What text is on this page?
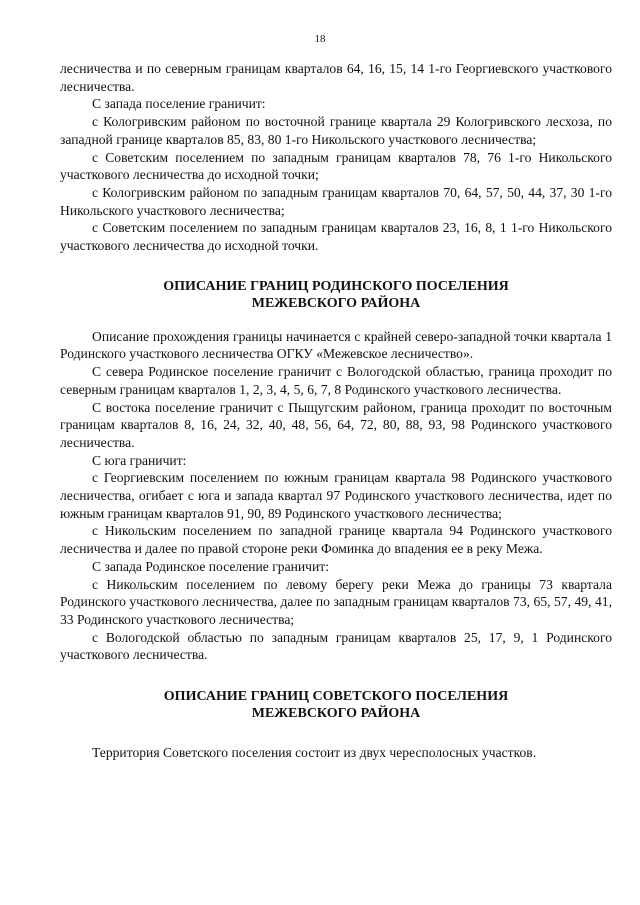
18

лесничества и по северным границам кварталов 64, 16, 15, 14 1-го Георгиевского участкового лесничества.

С запада поселение граничит:

с Кологривским районом по восточной границе квартала 29 Кологривского лесхоза, по западной границе кварталов 85, 83, 80 1-го Никольского участкового лесничества;

с Советским поселением по западным границам кварталов 78, 76 1-го Никольского участкового лесничества до исходной точки;

с Кологривским районом по западным границам кварталов 70, 64, 57, 50, 44, 37, 30 1-го Никольского участкового лесничества;

с Советским поселением по западным границам кварталов 23, 16, 8, 1 1-го Никольского участкового лесничества до исходной точки.

ОПИСАНИЕ ГРАНИЦ РОДИНСКОГО ПОСЕЛЕНИЯ
МЕЖЕВСКОГО РАЙОНА

Описание прохождения границы начинается с крайней северо-западной точки квартала 1 Родинского участкового лесничества ОГКУ «Межевское лесничество».

С севера Родинское поселение граничит с Вологодской областью, граница проходит по северным границам кварталов 1, 2, 3, 4, 5, 6, 7, 8 Родинского участкового лесничества.

С востока поселение граничит с Пыщугским районом, граница проходит по восточным границам кварталов 8, 16, 24, 32, 40, 48, 56, 64, 72, 80, 88, 93, 98 Родинского участкового лесничества.

С юга граничит:

с Георгиевским поселением по южным границам квартала 98 Родинского участкового лесничества, огибает с юга и запада квартал 97 Родинского участкового лесничества, идет по южным границам кварталов 91, 90, 89 Родинского участкового лесничества;

с Никольским поселением по западной границе квартала 94 Родинского участкового лесничества и далее по правой стороне реки Фоминка до впадения ее в реку Межа.

С запада Родинское поселение граничит:

с Никольским поселением по левому берегу реки Межа до границы 73 квартала Родинского участкового лесничества, далее по западным границам кварталов 73, 65, 57, 49, 41, 33 Родинского участкового лесничества;

с Вологодской областью по западным границам кварталов 25, 17, 9, 1 Родинского участкового лесничества.

ОПИСАНИЕ ГРАНИЦ СОВЕТСКОГО ПОСЕЛЕНИЯ
МЕЖЕВСКОГО РАЙОНА

Территория Советского поселения состоит из двух чересполосных участков.
